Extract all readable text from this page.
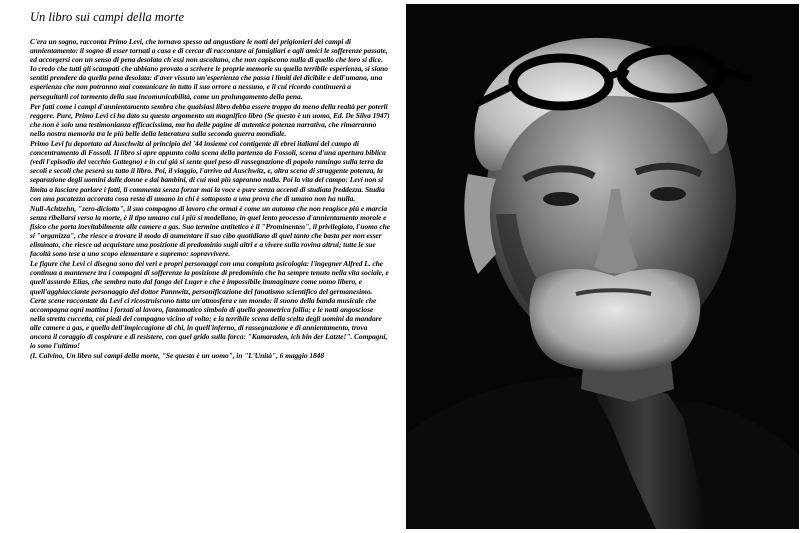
Un libro sui campi della morte

C'era un sogno, racconta Primo Levi, che tornava spesso ad angustiare le notti dei prigionieri dei campi di annientamento: il sogno di esser tornati a casa e di cercar di raccontare ai famigliari e agli amici le sofferenze passate, ed accorgersi con un senso di pena desolata ch'essi non ascoltano, che non capiscono nulla di quello che loro si dice. Io credo che tutti gli scampati che abbiano provato a scrivere le proprie memorie su quella terribile esperienza, si siano sentiti prendere da quella pena desolata: d'aver vissuto un'esperienza che passa i limiti del dicibile e dell'umano, una esperienza che non potranno mai comunicare in tutto il suo orrore a nessuno, e il cui ricordo continuerà a perseguitarli col tormento della sua incomunicabilità, come un prolungamento della pena.

Per fatti come i campi d'annientamento sembra che qualsiasi libro debba essere troppo da meno della realtà per poterli reggere. Pure, Primo Levi ci ha dato su questo argomento un magnifico libro (Se questo è un uomo, Ed. De Silva 1947) che non è solo una testimonianza efficacissima, ma ha delle pagine di autentica potenza narrativa, che rimarranno nella nostra memoria tra le più belle della letteratura sulla seconda guerra mondiale.

Primo Levi fu deportato ad Auschwitz al principio del '44 insieme col contigente di ebrei italiani del campo di concentramento di Fossoli. Il libro si apre appunto colla scena della partenza da Fossoli, scena d'una apertura biblica (vedi l'episodio del vecchio Gattegno) e in cui già si sente quel peso di rassegnazione di popolo ramingo sulla terra da secoli e secoli che peserà su tutto il libro. Poi, il viaggio, l'arrivo ad Auschwitz, e, altra scena di struggente potenza, la separazione degli uomini dalle donne e dai bambini, di cui mai più sapranno nulla. Poi la vita del campo: Levi non si limita a lasciare parlare i fatti, li commenta senza forzar mai la voce e pure senza accenti di studiata freddezza. Studia con una pacatezza accorata cosa resta di umano in chi è sottoposto a una prova che di umano non ha nulla.

Null-Achtzehn, "zero-diciotto", il suo compagno di lavoro che ormai è come un automa che non reagisce più e marcia senza ribellarsi verso la morte, è il tipo umano cui i più si modellano, in quel lento processo d'annientamento morale e fisico che porta inevitabilmente alle camere a gas. Suo termine antitetico è il "Prominenten", il privilegiato, l'uomo che si "organizza", che riesce a trovare il modo di aumentare il suo cibo quotidiano di quel tanto che basta per non esser eliminato, che riesce ad acquistare una posizione di predominio sugli altri e a vivere sulla rovina altrui; tutte le sue facoltà sono tese a uno scopo elementare e supremo: sopravvivere.

Le figure che Levi ci disegna sono dei veri e propri personaggi con una compiuta psicologia: l'ingegner Alfred L. che continua a mantenere tra i compagni di sofferenze la posizione di predominio che ha sempre tenuto nella vita sociale, e quell'assurdo Elias, che sembra nato dal fango del Luger e che è impossibile immaginare come uomo libero, e quell'agghiacciante personaggio del dottor Pannwitz, personificazione del fanatismo scientifico del germanesimo. Certe scene raccontate da Levi ci ricostruiscono tutta un'atmosfera e un mondo: il suono della banda musicale che accompagna ogni mattina i forzati al lavoro, fantomatico simbolo di quella geometrica follia; e le notti angosciose nella stretta cuccetta, coi piedi del compagno vicino al volto; e la terribile scena della scelta degli uomini da mandare alle camere a gas, e quella dell'impiccagione di chi, in quell'inferno, di rassegnazione e di annientamento, trova ancora il coraggio di cospirare e di resistere, con quel grido sulla forca: "Kamaraden, ich bin der Latzte!". Compagni, io sono l'ultimo!

(I. Calvino, Un libro sui campi della morte, "Se questo è un uomo", in "L'Unità", 6 maggio 1848
